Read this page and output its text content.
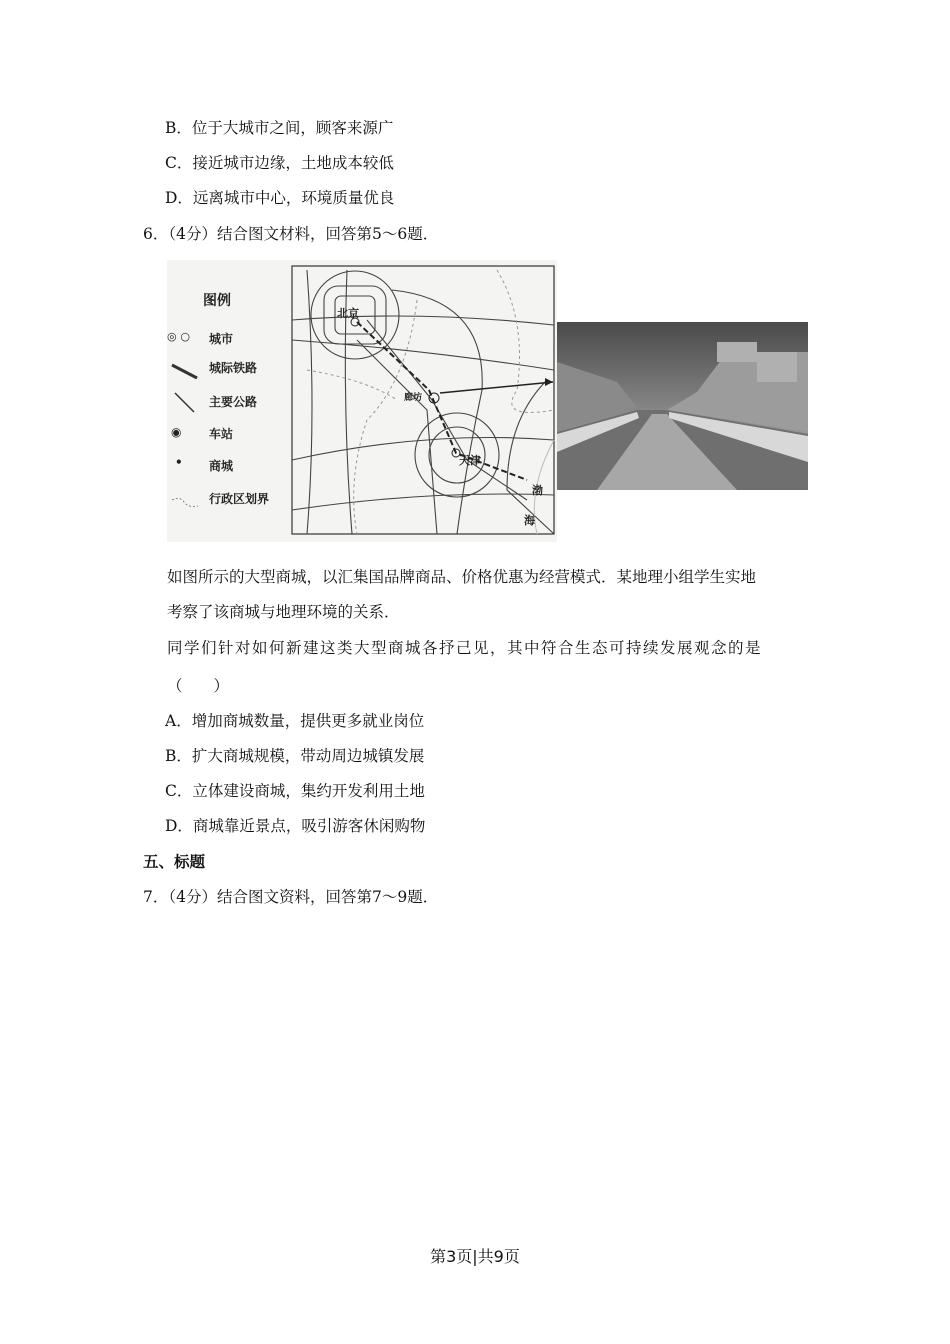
B．位于大城市之间，顾客来源广
C．接近城市边缘，土地成本较低
D．远离城市中心，环境质量优良
6．（4分）结合图文材料，回答第5～6题．
图例
◎ ○ 城市
城际铁路
主要公路
◉ 车站
• 商城
行政区划界
北京
廊坊
天津
渤
海
如图所示的大型商城，以汇集国品牌商品、价格优惠为经营模式．某地理小组学生实地
考察了该商城与地理环境的关系．
同学们针对如何新建这类大型商城各抒己见，其中符合生态可持续发展观念的是
（　　）
A．增加商城数量，提供更多就业岗位
B．扩大商城规模，带动周边城镇发展
C．立体建设商城，集约开发利用土地
D．商城靠近景点，吸引游客休闲购物
五、标题
7．（4分）结合图文资料，回答第7～9题．
第3页|共9页
